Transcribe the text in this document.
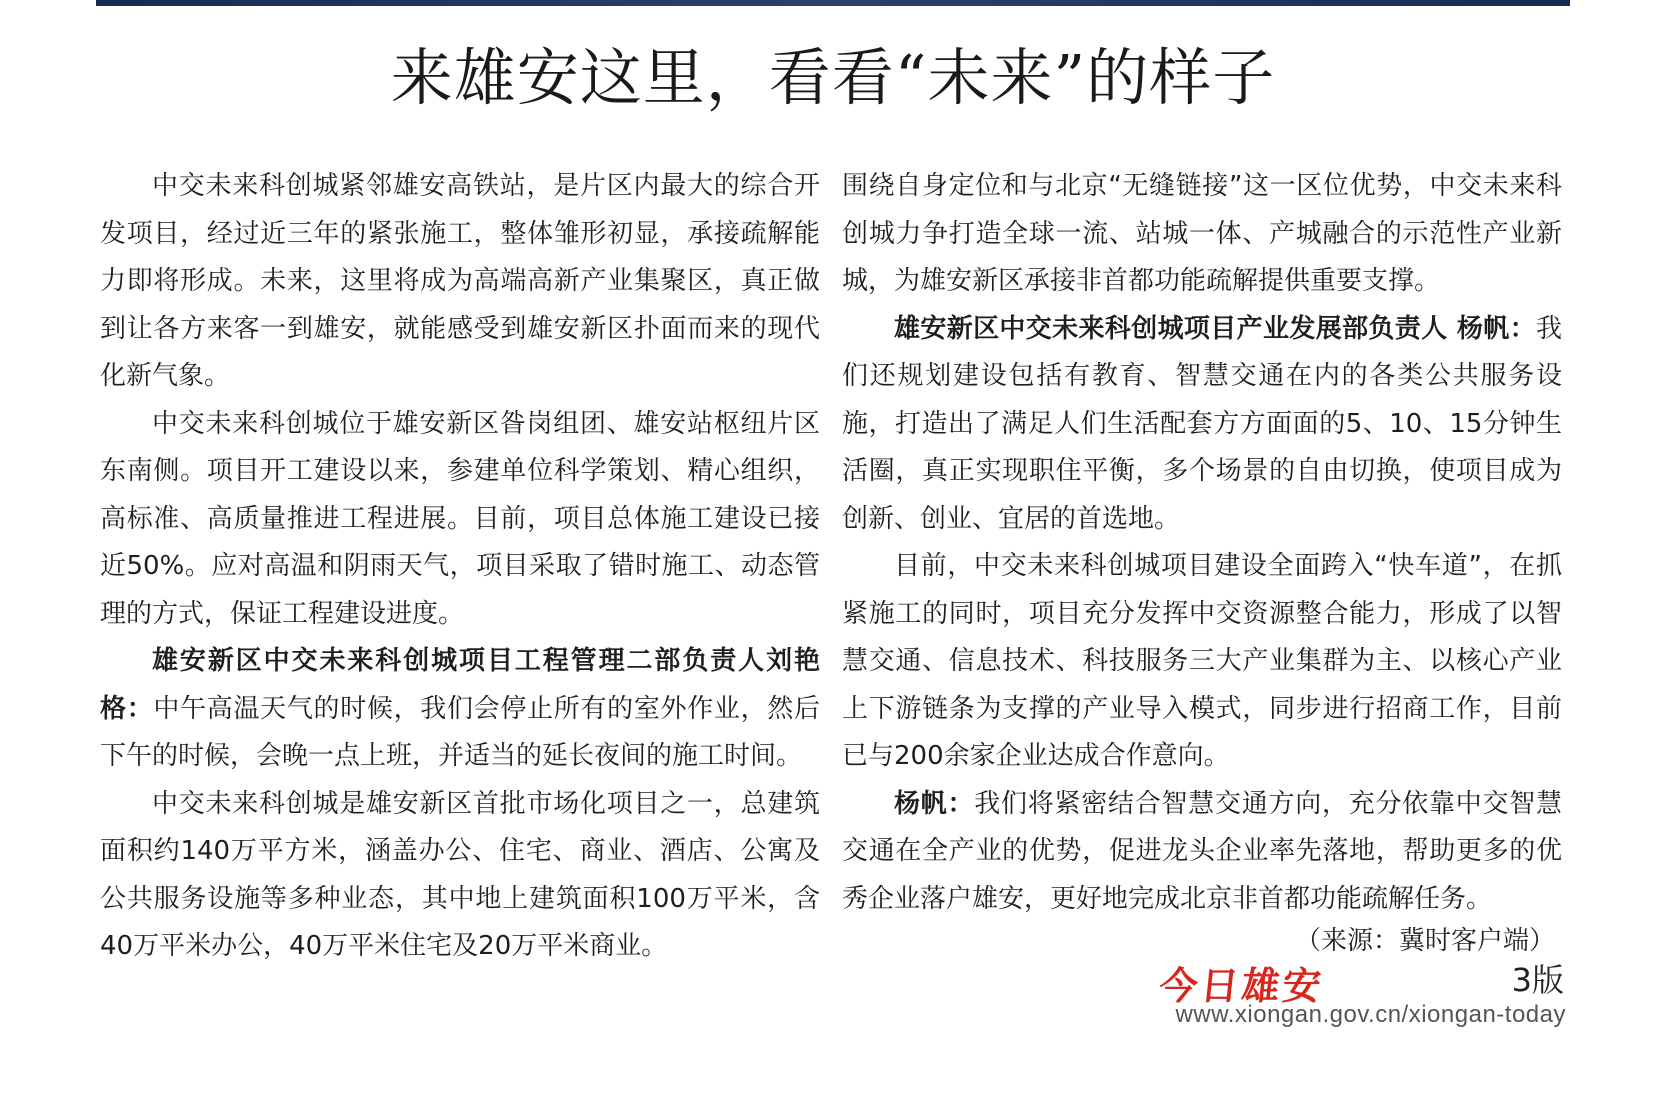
来雄安这里，看看“未来”的样子

中交未来科创城紧邻雄安高铁站，是片区内最大的综合开发项目，经过近三年的紧张施工，整体雏形初显，承接疏解能力即将形成。未来，这里将成为高端高新产业集聚区，真正做到让各方来客一到雄安，就能感受到雄安新区扑面而来的现代化新气象。

中交未来科创城位于雄安新区昝岗组团、雄安站枢纽片区东南侧。项目开工建设以来，参建单位科学策划、精心组织，高标准、高质量推进工程进展。目前，项目总体施工建设已接近50%。应对高温和阴雨天气，项目采取了错时施工、动态管理的方式，保证工程建设进度。

雄安新区中交未来科创城项目工程管理二部负责人刘艳格：中午高温天气的时候，我们会停止所有的室外作业，然后下午的时候，会晚一点上班，并适当的延长夜间的施工时间。

中交未来科创城是雄安新区首批市场化项目之一，总建筑面积约140万平方米，涵盖办公、住宅、商业、酒店、公寓及公共服务设施等多种业态，其中地上建筑面积100万平米，含40万平米办公，40万平米住宅及20万平米商业。

围绕自身定位和与北京“无缝链接”这一区位优势，中交未来科创城力争打造全球一流、站城一体、产城融合的示范性产业新城，为雄安新区承接非首都功能疏解提供重要支撑。

雄安新区中交未来科创城项目产业发展部负责人 杨帆：我们还规划建设包括有教育、智慧交通在内的各类公共服务设施，打造出了满足人们生活配套方方面面的5、10、15分钟生活圈，真正实现职住平衡，多个场景的自由切换，使项目成为创新、创业、宜居的首选地。

目前，中交未来科创城项目建设全面跨入“快车道”，在抓紧施工的同时，项目充分发挥中交资源整合能力，形成了以智慧交通、信息技术、科技服务三大产业集群为主、以核心产业上下游链条为支撑的产业导入模式，同步进行招商工作，目前已与200余家企业达成合作意向。

杨帆：我们将紧密结合智慧交通方向，充分依靠中交智慧交通在全产业的优势，促进龙头企业率先落地，帮助更多的优秀企业落户雄安，更好地完成北京非首都功能疏解任务。

（来源：冀时客户端）
今日雄安	3版
www.xiongan.gov.cn/xiongan-today
